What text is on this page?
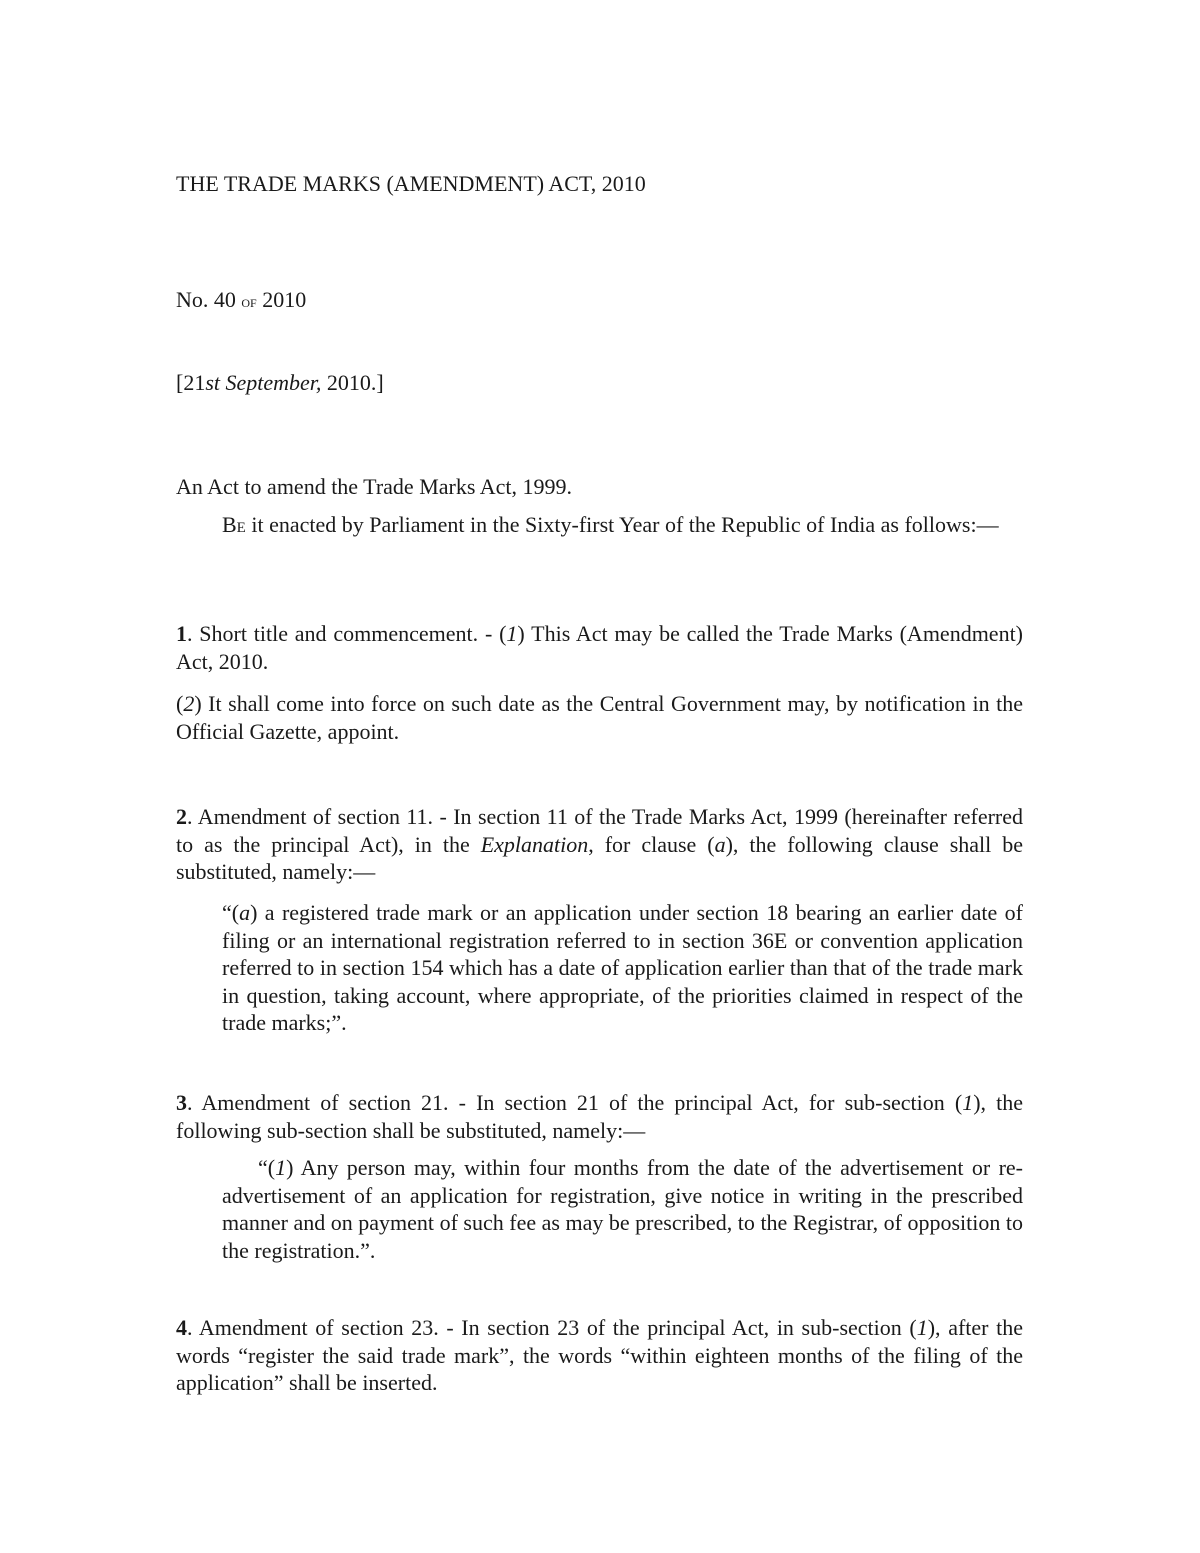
THE TRADE MARKS (AMENDMENT) ACT, 2010

No. 40 of 2010

[21st September, 2010.]

An Act to amend the Trade Marks Act, 1999.

Be it enacted by Parliament in the Sixty-first Year of the Republic of India as follows:—

1. Short title and commencement. - (1) This Act may be called the Trade Marks (Amendment) Act, 2010.

(2) It shall come into force on such date as the Central Government may, by notification in the Official Gazette, appoint.

2. Amendment of section 11. - In section 11 of the Trade Marks Act, 1999 (hereinafter referred to as the principal Act), in the Explanation, for clause (a), the following clause shall be substituted, namely:—

“(a) a registered trade mark or an application under section 18 bearing an earlier date of filing or an international registration referred to in section 36E or convention application referred to in section 154 which has a date of application earlier than that of the trade mark in question, taking account, where appropriate, of the priorities claimed in respect of the trade marks;”.

3. Amendment of section 21. - In section 21 of the principal Act, for sub-section (1), the following sub-section shall be substituted, namely:—

“(1) Any person may, within four months from the date of the advertisement or re-advertisement of an application for registration, give notice in writing in the prescribed manner and on payment of such fee as may be prescribed, to the Registrar, of opposition to the registration.”.

4. Amendment of section 23. - In section 23 of the principal Act, in sub-section (1), after the words “register the said trade mark”, the words “within eighteen months of the filing of the application” shall be inserted.
